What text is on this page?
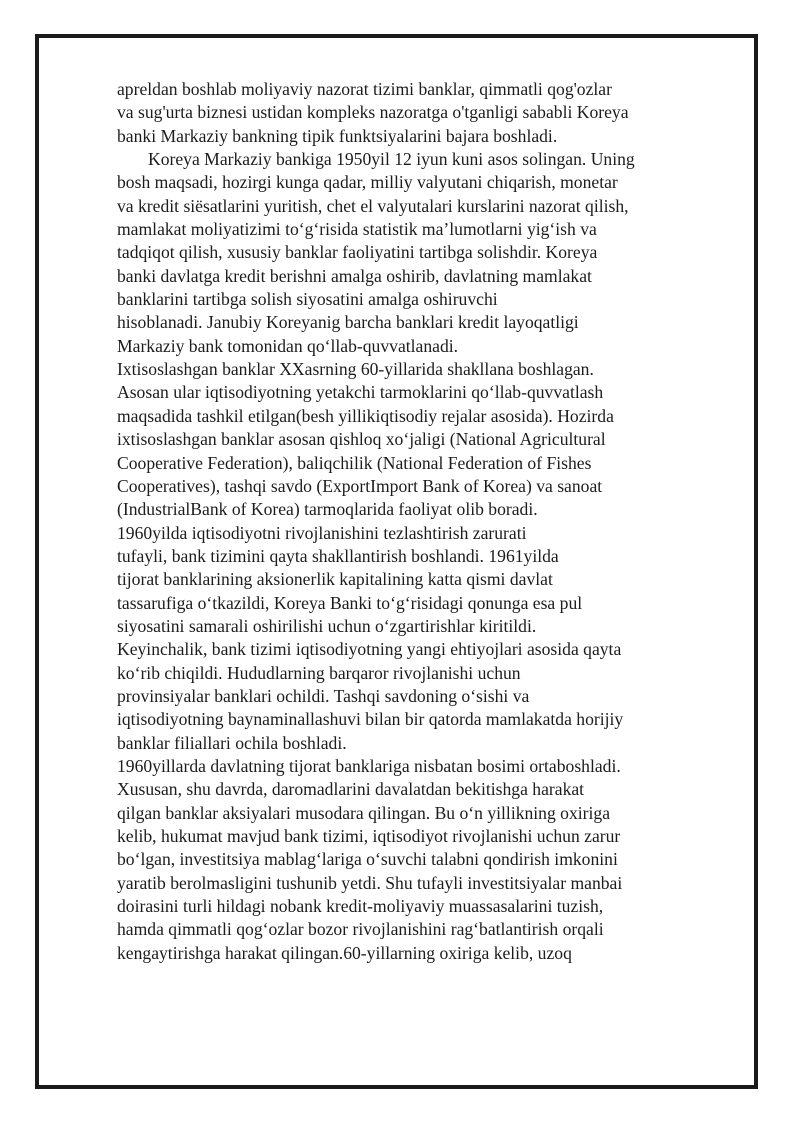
apreldan boshlab moliyaviy nazorat tizimi banklar, qimmatli qog'ozlar
va sug'urta biznesi ustidan kompleks nazoratga o'tganligi sababli Koreya
banki Markaziy bankning tipik funktsiyalarini bajara boshladi.
Koreya Markaziy bankiga 1950yil 12 iyun kuni asos solingan. Uning
bosh maqsadi, hozirgi kunga qadar, milliy valyutani chiqarish, monetar
va kredit siёsatlarini yuritish, chet el valyutalari kurslarini nazorat qilish,
mamlakat moliyatizimi to‘g‘risida statistik ma’lumotlarni yig‘ish va
tadqiqot qilish, xususiy banklar faoliyatini tartibga solishdir. Koreya
banki davlatga kredit berishni amalga oshirib, davlatning mamlakat
banklarini tartibga solish siyosatini amalga oshiruvchi
hisoblanadi. Janubiy Koreyanig barcha banklari kredit layoqatligi
Markaziy bank tomonidan qo‘llab-quvvatlanadi.
Ixtisoslashgan banklar XXasrning 60-yillarida shakllana boshlagan.
Asosan ular iqtisodiyotning yetakchi tarmoklarini qo‘llab-quvvatlash
maqsadida tashkil etilgan(besh yillikiqtisodiy rejalar asosida). Hozirda
ixtisoslashgan banklar asosan qishloq xo‘jaligi (National Agricultural
Cooperative Federation), baliqchilik (National Federation of Fishes
Cooperatives), tashqi savdo (ExportImport Bank of Korea) va sanoat
(IndustrialBank of Korea) tarmoqlarida faoliyat olib boradi.
1960yilda iqtisodiyotni rivojlanishini tezlashtirish zarurati
tufayli, bank tizimini qayta shakllantirish boshlandi. 1961yilda
tijorat banklarining aksionerlik kapitalining katta qismi davlat
tassarufiga o‘tkazildi, Koreya Banki to‘g‘risidagi qonunga esa pul
siyosatini samarali oshirilishi uchun o‘zgartirishlar kiritildi.
Keyinchalik, bank tizimi iqtisodiyotning yangi ehtiyojlari asosida qayta
ko‘rib chiqildi. Hududlarning barqaror rivojlanishi uchun
provinsiyalar banklari ochildi. Tashqi savdoning o‘sishi va
iqtisodiyotning baynaminallashuvi bilan bir qatorda mamlakatda horijiy
banklar filiallari ochila boshladi.
1960yillarda davlatning tijorat banklariga nisbatan bosimi ortaboshladi.
Xususan, shu davrda, daromadlarini davalatdan bekitishga harakat
qilgan banklar aksiyalari musodara qilingan. Bu o‘n yillikning oxiriga
kelib, hukumat mavjud bank tizimi, iqtisodiyot rivojlanishi uchun zarur
bo‘lgan, investitsiya mablag‘lariga o‘suvchi talabni qondirish imkonini
yaratib berolmasligini tushunib yetdi. Shu tufayli investitsiyalar manbai
doirasini turli hildagi nobank kredit-moliyaviy muassasalarini tuzish,
hamda qimmatli qog‘ozlar bozor rivojlanishini rag‘batlantirish orqali
kengaytirishga harakat qilingan.60-yillarning oxiriga kelib, uzoq
